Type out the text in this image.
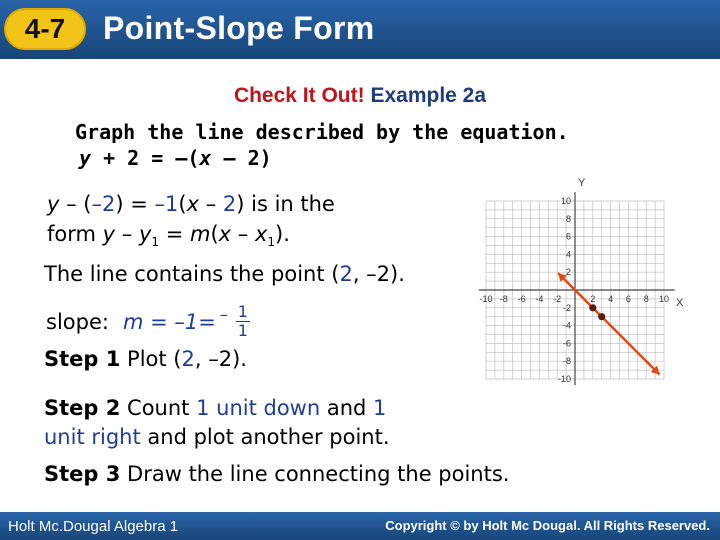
4-7	Point-Slope Form
Check It Out! Example 2a
Graph the line described by the equation.
y + 2 = –(x – 2)
y – (–2) = –1(x – 2) is in the
form $y - y_1 = m(x - x_1)$.
The line contains the point (2, –2).
slope: $m = -1= - \frac{1}{1}$
Step 1 Plot (2, –2).
Step 2 Count 1 unit down and 1
unit right and plot another point.
Step 3 Draw the line connecting the points.
-10 -8 -6 -4 -2	2 4 6 8 10
10
8
6
4
2
-2
-4
-6
-8
-10
Y
X
Holt Mc.Dougal Algebra 1	Copyright © by Holt Mc Dougal. All Rights Reserved.
